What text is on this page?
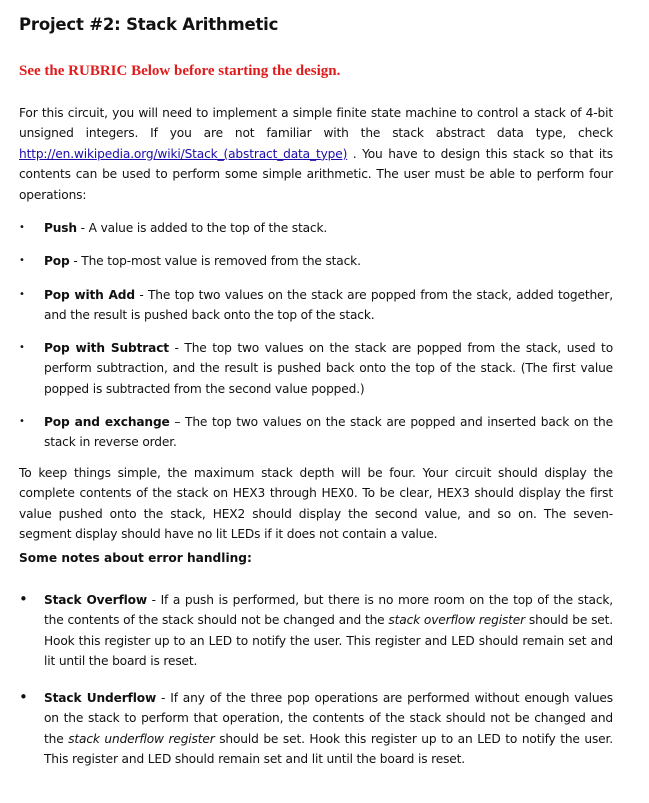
Project #2: Stack Arithmetic
See the RUBRIC Below before starting the design.
For this circuit, you will need to implement a simple finite state machine to control a stack of 4-bit unsigned integers. If you are not familiar with the stack abstract data type, check http://en.wikipedia.org/wiki/Stack_(abstract_data_type) . You have to design this stack so that its contents can be used to perform some simple arithmetic. The user must be able to perform four operations:
•	Push - A value is added to the top of the stack.
•	Pop - The top-most value is removed from the stack.
•	Pop with Add - The top two values on the stack are popped from the stack, added together, and the result is pushed back onto the top of the stack.
•	Pop with Subtract - The top two values on the stack are popped from the stack, used to perform subtraction, and the result is pushed back onto the top of the stack. (The first value popped is subtracted from the second value popped.)
•	Pop and exchange – The top two values on the stack are popped and inserted back on the stack in reverse order.
To keep things simple, the maximum stack depth will be four. Your circuit should display the complete contents of the stack on HEX3 through HEX0. To be clear, HEX3 should display the first value pushed onto the stack, HEX2 should display the second value, and so on. The seven-segment display should have no lit LEDs if it does not contain a value.
Some notes about error handling:
•	Stack Overflow - If a push is performed, but there is no more room on the top of the stack, the contents of the stack should not be changed and the stack overflow register should be set. Hook this register up to an LED to notify the user. This register and LED should remain set and lit until the board is reset.
•	Stack Underflow - If any of the three pop operations are performed without enough values on the stack to perform that operation, the contents of the stack should not be changed and the stack underflow register should be set. Hook this register up to an LED to notify the user. This register and LED should remain set and lit until the board is reset.
